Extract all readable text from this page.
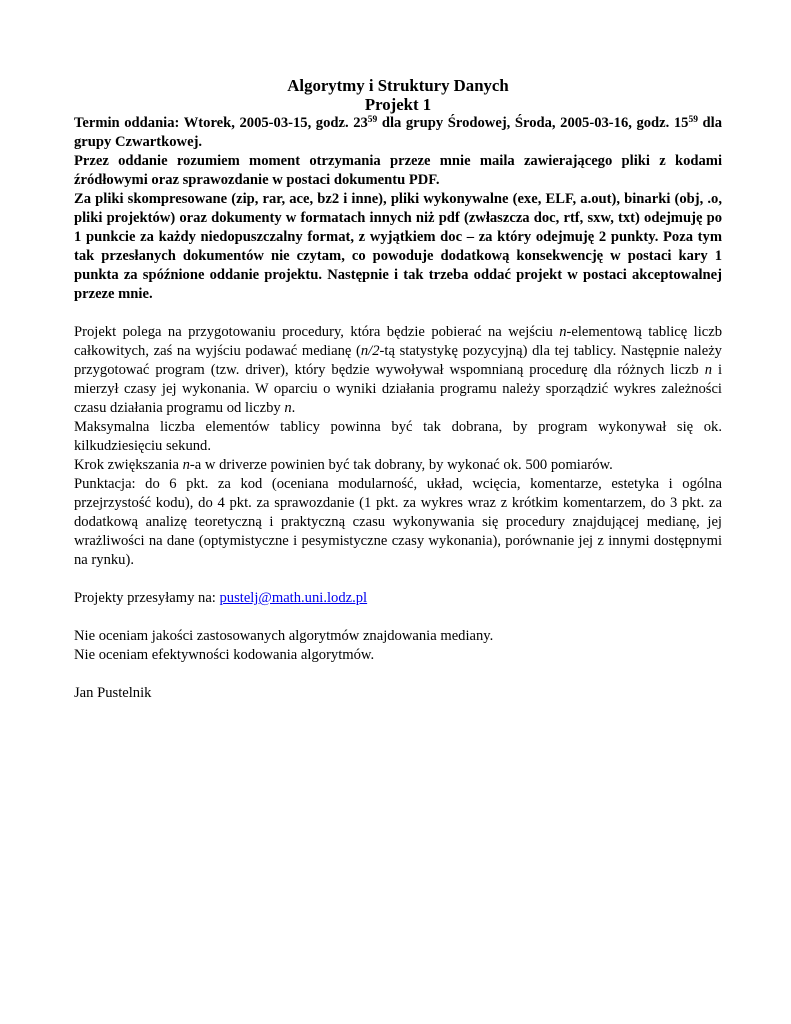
Algorytmy i Struktury Danych
Projekt 1

Termin oddania: Wtorek, 2005-03-15, godz. $23^{59}$ dla grupy Środowej, Środa, 2005-03-16, godz. $15^{59}$ dla grupy Czwartkowej.

Przez oddanie rozumiem moment otrzymania przeze mnie maila zawierającego pliki z kodami źródłowymi oraz sprawozdanie w postaci dokumentu PDF.

Za pliki skompresowane (zip, rar, ace, bz2 i inne), pliki wykonywalne (exe, ELF, a.out), binarki (obj, .o, pliki projektów) oraz dokumenty w formatach innych niż pdf (zwłaszcza doc, rtf, sxw, txt) odejmuję po 1 punkcie za każdy niedopuszczalny format, z wyjątkiem doc – za który odejmuję 2 punkty. Poza tym tak przesłanych dokumentów nie czytam, co powoduje dodatkową konsekwencję w postaci kary 1 punkta za spóźnione oddanie projektu. Następnie i tak trzeba oddać projekt w postaci akceptowalnej przeze mnie.

Projekt polega na przygotowaniu procedury, która będzie pobierać na wejściu n-elementową tablicę liczb całkowitych, zaś na wyjściu podawać medianę (n/2-tą statystykę pozycyjną) dla tej tablicy. Następnie należy przygotować program (tzw. driver), który będzie wywoływał wspomnianą procedurę dla różnych liczb n i mierzył czasy jej wykonania. W oparciu o wyniki działania programu należy sporządzić wykres zależności czasu działania programu od liczby n.

Maksymalna liczba elementów tablicy powinna być tak dobrana, by program wykonywał się ok. kilkudziesięciu sekund.

Krok zwiększania n-a w driverze powinien być tak dobrany, by wykonać ok. 500 pomiarów.

Punktacja: do 6 pkt. za kod (oceniana modularność, układ, wcięcia, komentarze, estetyka i ogólna przejrzystość kodu), do 4 pkt. za sprawozdanie (1 pkt. za wykres wraz z krótkim komentarzem, do 3 pkt. za dodatkową analizę teoretyczną i praktyczną czasu wykonywania się procedury znajdującej medianę, jej wrażliwości na dane (optymistyczne i pesymistyczne czasy wykonania), porównanie jej z innymi dostępnymi na rynku).

Projekty przesyłamy na: pustelj@math.uni.lodz.pl

Nie oceniam jakości zastosowanych algorytmów znajdowania mediany.

Nie oceniam efektywności kodowania algorytmów.

Jan Pustelnik
